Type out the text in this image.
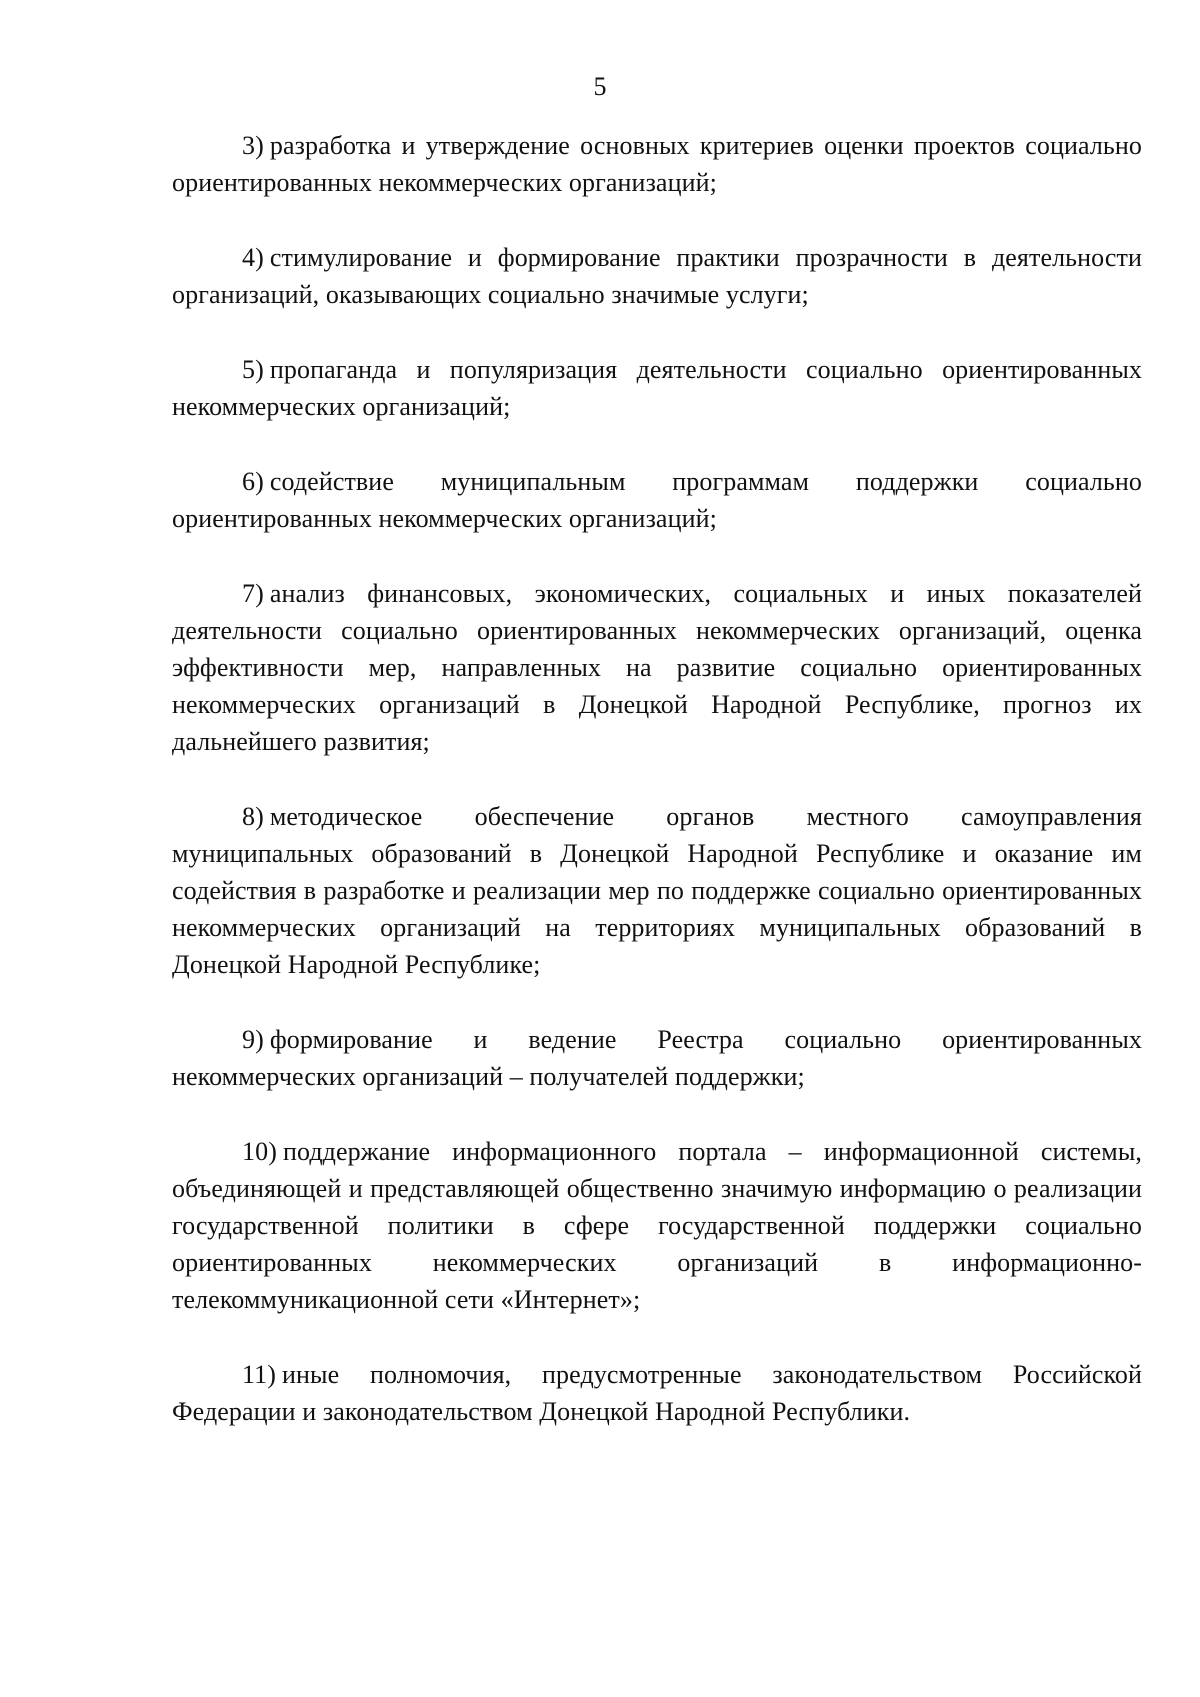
5

3) разработка и утверждение основных критериев оценки проектов социально ориентированных некоммерческих организаций;

4) стимулирование и формирование практики прозрачности в деятельности организаций, оказывающих социально значимые услуги;

5) пропаганда и популяризация деятельности социально ориентированных некоммерческих организаций;

6) содействие муниципальным программам поддержки социально ориентированных некоммерческих организаций;

7) анализ финансовых, экономических, социальных и иных показателей деятельности социально ориентированных некоммерческих организаций, оценка эффективности мер, направленных на развитие социально ориентированных некоммерческих организаций в Донецкой Народной Республике, прогноз их дальнейшего развития;

8) методическое обеспечение органов местного самоуправления муниципальных образований в Донецкой Народной Республике и оказание им содействия в разработке и реализации мер по поддержке социально ориентированных некоммерческих организаций на территориях муниципальных образований в Донецкой Народной Республике;

9) формирование и ведение Реестра социально ориентированных некоммерческих организаций – получателей поддержки;

10) поддержание информационного портала – информационной системы, объединяющей и представляющей общественно значимую информацию о реализации государственной политики в сфере государственной поддержки социально ориентированных некоммерческих организаций в информационно-телекоммуникационной сети «Интернет»;

11) иные полномочия, предусмотренные законодательством Российской Федерации и законодательством Донецкой Народной Республики.
